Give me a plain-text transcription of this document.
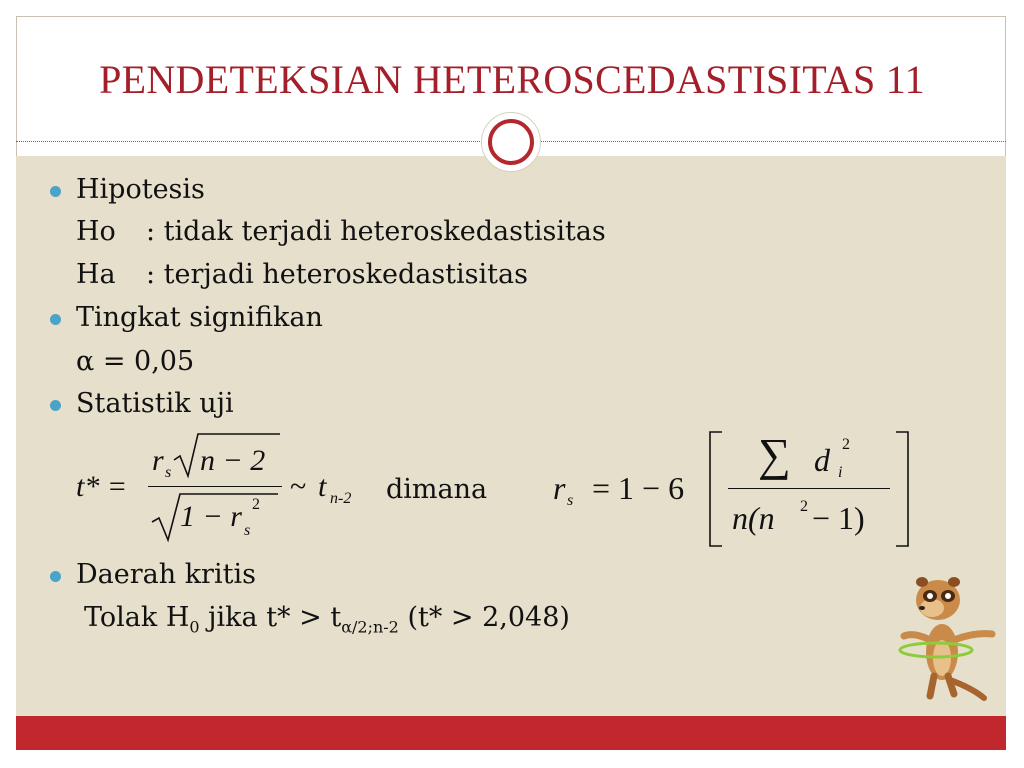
PENDETEKSIAN HETEROSCEDASTISITAS 11
Hipotesis
Ho : tidak terjadi heteroskedastisitas
Ha : terjadi heteroskedastisitas
Tingkat signifikan
α = 0,05
Statistik uji
t* =
r s n − 2
1 − r 2
s
~ t n-2 dimana r s = 1 − 6
∑ d 2
i
n(n 2 − 1)
Daerah kritis
Tolak $H_0$ jika $t* > t_{\alpha/2;n-2}$ (t* > 2,048)
